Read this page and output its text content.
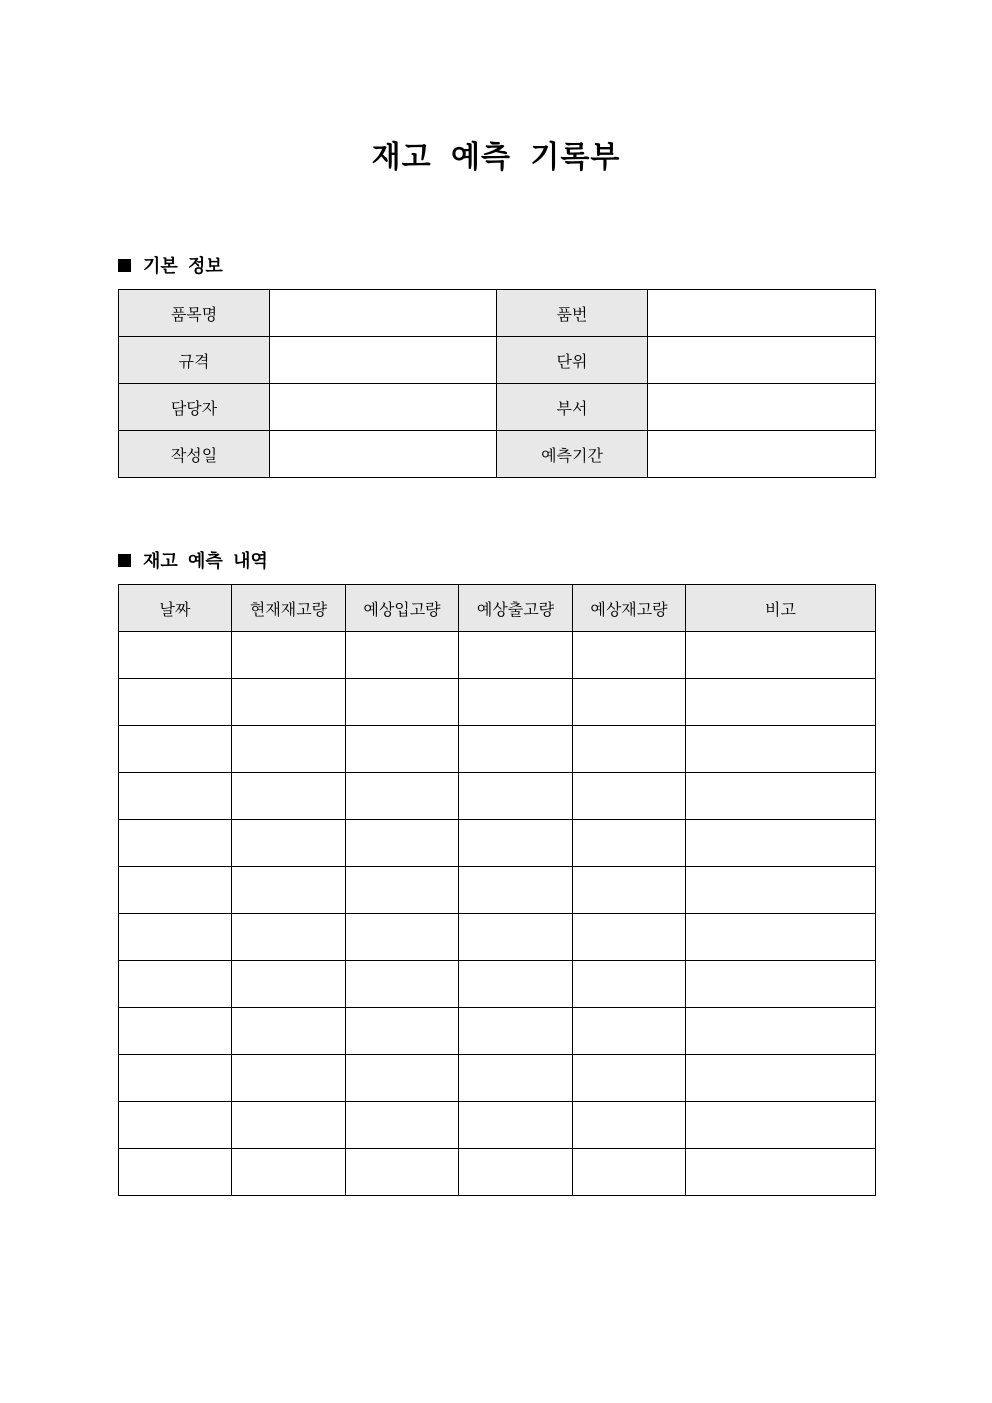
재고 예측 기록부
기본 정보
품목명		품번	
규격		단위	
담당자		부서	
작성일		예측기간	
재고 예측 내역
날짜	현재재고량	예상입고량	예상출고량	예상재고량	비고
